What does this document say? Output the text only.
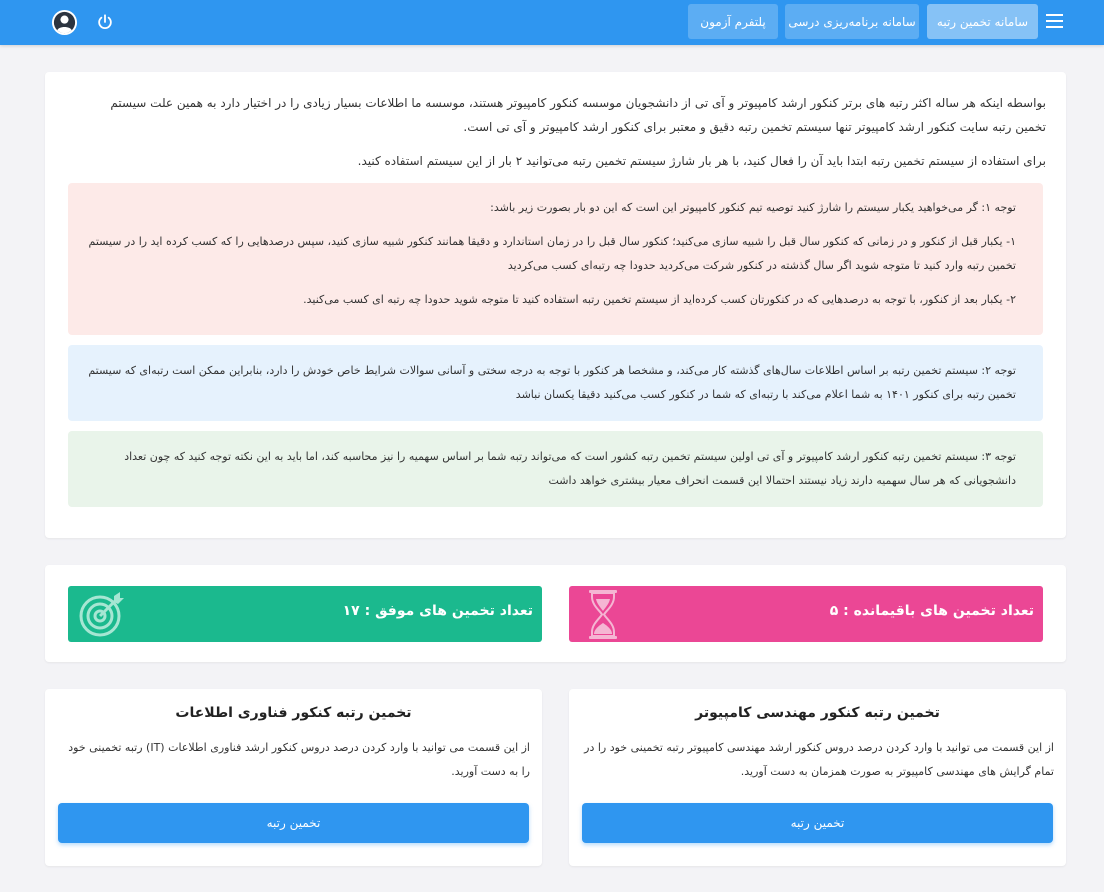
سامانه تخمین رتبه
سامانه برنامه‌ریزی درسی
پلتفرم آزمون
بواسطه اینکه هر ساله اکثر رتبه های برتر کنکور ارشد کامپیوتر و آی تی از دانشجویان موسسه کنکور کامپیوتر هستند، موسسه ما اطلاعات بسیار زیادی را در اختیار دارد به همین علت سیستم تخمین رتبه سایت کنکور ارشد کامپیوتر تنها سیستم تخمین رتبه دقیق و معتبر برای کنکور ارشد کامپیوتر و آی تی است.
برای استفاده از سیستم تخمین رتبه ابتدا باید آن را فعال کنید، با هر بار شارژ سیستم تخمین رتبه می‌توانید ۲ بار از این سیستم استفاده کنید.

توجه ۱: گر می‌خواهید یکبار سیستم را شارژ کنید توصیه تیم کنکور کامپیوتر این است که این دو بار بصورت زیر باشد:

۱- یکبار قبل از کنکور و در زمانی که کنکور سال قبل را شبیه سازی می‌کنید؛ کنکور سال قبل را در زمان استاندارد و دقیقا همانند کنکور شبیه سازی کنید، سپس درصدهایی را که کسب کرده اید را در سیستم تخمین رتبه وارد کنید تا متوجه شوید اگر سال گذشته در کنکور شرکت می‌کردید حدودا چه رتبه‌ای کسب می‌کردید

۲- یکبار بعد از کنکور، با توجه به درصدهایی که در کنکورتان کسب کرده‌اید از سیستم تخمین رتبه استفاده کنید تا متوجه شوید حدودا چه رتبه ای کسب می‌کنید.

توجه ۲: سیستم تخمین رتبه بر اساس اطلاعات سال‌های گذشته کار می‌کند، و مشخصا هر کنکور با توجه به درجه سختی و آسانی سوالات شرایط خاص خودش را دارد، بنابراین ممکن است رتبه‌ای که سیستم تخمین رتبه برای کنکور ۱۴۰۱ به شما اعلام می‌کند با رتبه‌ای که شما در کنکور کسب می‌کنید دقیقا یکسان نباشد

توجه ۳: سیستم تخمین رتبه کنکور ارشد کامپیوتر و آی تی اولین سیستم تخمین رتبه کشور است که می‌تواند رتبه شما بر اساس سهمیه را نیز محاسبه کند، اما باید به این نکته توجه کنید که چون تعداد دانشجویانی که هر سال سهمیه دارند زیاد نیستند احتمالا این قسمت انحراف معیار بیشتری خواهد داشت

تعداد تخمین های باقیمانده : ۵
تعداد تخمین های موفق : ۱۷
تخمین رتبه کنکور مهندسی کامپیوتر
از این قسمت می توانید با وارد کردن درصد دروس کنکور ارشد مهندسی کامپیوتر رتبه تخمینی خود را در تمام گرایش های مهندسی کامپیوتر به صورت همزمان به دست آورید.
تخمین رتبه
تخمین رتبه کنکور فناوری اطلاعات
از این قسمت می توانید با وارد کردن درصد دروس کنکور ارشد فناوری اطلاعات (IT) رتبه تخمینی خود را به دست آورید.
تخمین رتبه
